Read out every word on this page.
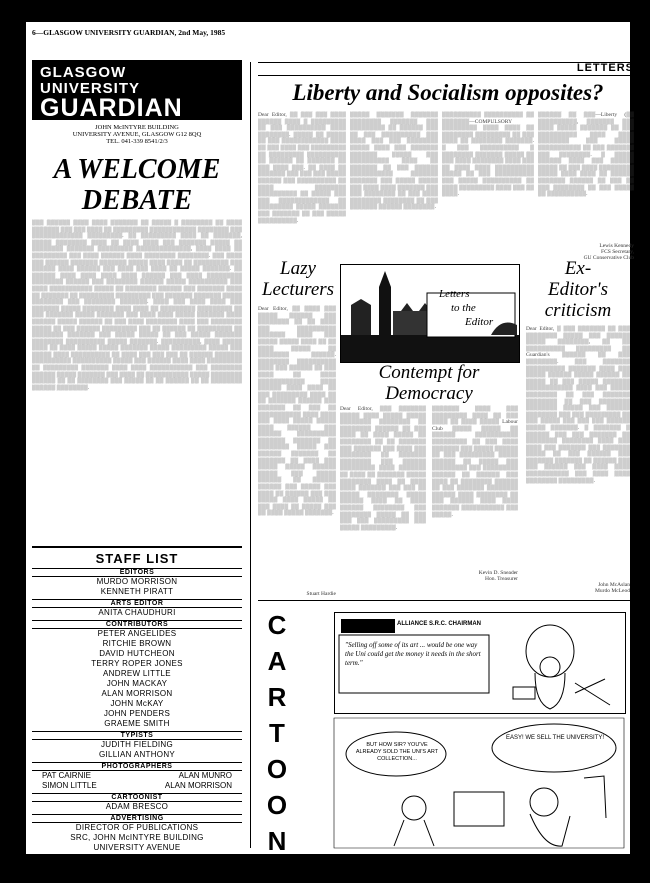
6—GLASGOW UNIVERSITY GUARDIAN, 2nd May, 1985
LETTERS
GLASGOW
UNIVERSITY
GUARDIAN
JOHN McINTYRE BUILDING
UNIVERSITY AVENUE, GLASGOW G12 8QQ
TEL. 041-339 8541/2/3
A WELCOME
DEBATE
▒▒▒ ▒▒▒▒▒▒ ▒▒▒▒ ▒▒▒▒ ▒▒▒▒▒▒▒ ▒▒ ▒▒▒▒▒ ▒ ▒▒▒▒▒▒▒▒ ▒▒ ▒▒▒▒ ▒▒▒▒▒▒▒ ▒▒▒ ▒▒▒ ▒▒▒▒ ▒▒ ▒▒▒▒▒▒▒▒▒ ▒▒▒▒▒▒▒▒▒▒▒▒ ▒▒▒▒▒▒▒▒ ▒▒▒ ▒▒▒▒▒▒▒▒▒▒▒▒▒ ▒▒▒▒▒▒▒▒▒. ▒▒ ▒▒▒▒▒▒▒▒▒ ▒▒▒▒ ▒▒ ▒▒▒▒▒▒▒, ▒▒▒▒▒ ▒▒▒▒▒▒▒▒ ▒▒▒▒ ▒▒ ▒▒▒▒ ▒▒▒▒ ▒▒▒ ▒▒▒▒▒▒▒ ▒▒▒▒▒ ▒▒ ▒▒▒▒▒▒▒▒ ▒▒▒▒▒▒▒ ▒▒▒▒▒▒▒▒▒ ▒▒▒▒▒▒▒▒▒▒▒▒▒▒, ▒▒▒▒ ▒▒▒▒ ▒▒ ▒▒▒▒▒▒▒▒▒ ▒▒▒ ▒▒▒▒ ▒▒▒▒▒▒ ▒▒▒▒ ▒▒▒▒▒▒▒▒ ▒▒▒▒▒▒▒▒. ▒▒▒ ▒▒▒▒ ▒▒▒ ▒▒▒▒▒▒ ▒▒▒▒▒▒▒ ▒▒▒▒▒▒▒ ▒▒▒▒▒ ▒▒▒▒ ▒▒▒▒ ▒▒ ▒▒▒▒▒▒▒▒▒ ▒▒▒ ▒▒▒▒▒▒ ▒▒▒▒ ▒▒▒▒▒▒ ▒▒▒ ▒▒▒▒ ▒▒▒ ▒▒▒▒ ▒▒ ▒▒▒▒▒ ▒▒▒▒▒▒▒. ▒▒ ▒▒▒▒▒▒ ▒▒▒▒ ▒▒▒▒ ▒▒▒▒ ▒▒▒▒ ▒▒▒▒▒▒ ▒▒▒ ▒▒▒▒ ▒▒▒▒▒▒▒▒▒ ▒▒▒▒▒▒▒▒ ▒▒▒▒▒▒ ▒▒▒ ▒▒▒▒▒▒▒▒ ▒▒▒▒▒▒ ▒▒▒▒▒ ▒▒▒▒▒▒▒▒▒▒ ▒▒▒ ▒▒▒▒ ▒▒▒▒▒▒▒▒▒▒▒ ▒▒▒▒▒ ▒▒ ▒▒▒▒▒▒▒▒ ▒▒▒▒▒▒ ▒▒▒ ▒▒▒▒▒▒▒ ▒▒▒▒ ▒▒ ▒▒▒▒▒▒▒ ▒▒ ▒▒▒▒▒▒▒▒▒ ▒▒▒▒▒▒▒▒▒ ▒▒▒ ▒▒▒▒▒▒▒ ▒▒▒▒▒▒▒ ▒▒▒▒▒ ▒▒▒▒▒▒▒▒ ▒▒▒ ▒▒▒▒▒▒▒▒ ▒▒▒▒▒▒▒. ▒▒▒▒ ▒▒▒ ▒▒▒▒ ▒▒▒▒ ▒▒▒ ▒▒▒▒▒▒▒ ▒▒▒▒▒ ▒▒▒▒▒▒▒▒ ▒▒▒▒ ▒▒▒▒ ▒▒ ▒▒▒▒▒▒▒▒▒ ▒▒▒▒▒▒▒▒▒ ▒▒ ▒▒▒ ▒▒▒▒▒▒▒ ▒▒▒▒▒ ▒▒▒▒▒▒▒ ▒▒▒ ▒▒▒▒ ▒▒▒▒ ▒▒▒▒▒ ▒▒▒▒▒▒▒ ▒▒▒▒ ▒▒▒▒▒▒ ▒▒▒▒▒ ▒▒▒▒▒▒ ▒▒ ▒▒▒ ▒▒▒▒ ▒▒▒▒▒▒▒▒ ▒▒▒▒ ▒▒▒ ▒▒▒▒▒▒▒▒ ▒▒▒▒▒ ▒▒ ▒▒▒ ▒▒▒▒▒▒ ▒▒▒▒▒▒▒▒▒ ▒▒▒ ▒▒ ▒▒▒▒▒▒ ▒▒ ▒▒▒▒▒▒▒▒▒ ▒▒ ▒▒▒▒▒▒▒▒ ▒▒▒▒▒▒▒ ▒▒▒ ▒▒▒▒▒ ▒▒▒▒▒ ▒▒ ▒▒▒ ▒▒▒▒▒ ▒▒▒▒▒▒▒ ▒▒▒▒▒▒▒▒ ▒▒▒▒▒▒▒▒▒▒ ▒▒▒▒▒ ▒▒▒▒▒▒▒. ▒▒▒▒▒▒▒▒▒▒, ▒▒▒▒ ▒▒▒▒▒ ▒▒▒▒ ▒▒ ▒▒▒▒ ▒▒▒▒▒ ▒▒▒▒▒ ▒▒▒▒▒▒▒ ▒▒▒▒▒ ▒▒▒▒▒▒▒▒▒ ▒▒▒▒▒ ▒▒▒ ▒▒▒▒▒ ▒▒▒▒ ▒▒▒▒▒▒▒▒▒▒ ▒▒ ▒▒▒▒ ▒▒▒ ▒▒▒ ▒▒▒ ▒▒ ▒▒▒▒▒▒ ▒▒▒▒▒▒▒ ▒▒▒▒▒▒▒▒▒▒ ▒▒▒▒▒▒▒▒▒▒ ▒▒▒▒▒ ▒▒▒ ▒▒▒▒▒▒ ▒▒▒▒ ▒▒▒▒ ▒▒▒▒▒▒▒▒▒ ▒▒ ▒▒▒▒▒▒▒▒▒ ▒▒▒▒▒▒▒ ▒▒▒▒ ▒▒▒▒ ▒▒▒▒▒▒▒▒▒▒▒ ▒▒▒ ▒▒▒▒▒▒▒▒ ▒▒▒▒▒▒ ▒▒▒▒▒ ▒▒▒▒▒▒▒ ▒▒▒ ▒▒▒▒ ▒▒ ▒▒▒▒▒▒▒▒▒▒▒ ▒▒▒▒▒ ▒▒▒▒▒▒▒▒ ▒▒▒▒▒▒ ▒▒ ▒▒ ▒▒▒▒▒▒▒▒ ▒▒▒ ▒▒▒▒▒ ▒▒ ▒▒ ▒▒▒▒▒▒ ▒▒ ▒▒ ▒▒▒▒▒▒▒▒ ▒▒▒▒▒▒ ▒▒▒▒▒▒▒▒.
STAFF LIST
EDITORS
MURDO MORRISON
KENNETH PIRATT
ARTS EDITOR
ANITA CHAUDHURI
CONTRIBUTORS
PETER ANGELIDES
RITCHIE BROWN
DAVID HUTCHEON
TERRY ROPER JONES
ANDREW LITTLE
JOHN MACKAY
ALAN MORRISON
JOHN McKAY
JOHN PENDERS
GRAEME SMITH
TYPISTS
JUDITH FIELDING
GILLIAN ANTHONY
PHOTOGRAPHERS
PAT CAIRNIE	ALAN MUNRO
SIMON LITTLE	ALAN MORRISON
CARTOONIST
ADAM BRESCO
ADVERTISING
DIRECTOR OF PUBLICATIONS
SRC, JOHN McINTYRE BUILDING
UNIVERSITY AVENUE
GLASGOW G12 8QQ
TELEPHONE:
041-339 8541/2/3
Liberty and Socialism opposites?
Dear Editor, ▒▒ ▒▒▒ ▒▒▒ ▒▒▒▒ ▒▒▒▒▒▒ ▒▒▒▒ ▒ ▒▒▒▒▒▒▒▒▒ ▒▒ ▒▒▒ ▒▒▒▒▒▒▒▒▒▒ ▒▒▒▒ ▒▒▒▒▒▒▒▒. ▒▒▒▒▒ ▒▒ ▒▒▒▒▒ ▒▒ ▒▒▒ ▒▒▒▒▒▒▒▒▒▒▒▒ ▒▒▒▒ ▒▒ ▒▒▒ ▒▒▒▒ ▒▒▒ ▒▒▒▒▒▒▒▒▒ ▒▒ ▒▒▒▒▒▒▒▒▒ ▒▒▒▒▒▒▒▒▒▒ ▒▒ ▒▒▒▒▒▒ ▒▒ ▒▒▒▒▒▒▒ ▒▒ ▒▒▒ ▒▒▒▒ ▒▒▒. ▒▒ ▒▒▒▒ ▒▒ ▒▒▒▒▒▒▒ ▒▒▒ ▒▒▒ ▒▒▒ ▒▒▒▒▒ ▒▒▒▒▒▒ ▒▒▒ ▒▒▒▒▒▒▒▒▒▒ ▒▒ ▒▒▒▒ ▒▒▒▒▒▒▒▒ ▒▒▒▒▒▒▒▒▒▒ ▒▒ ▒▒▒▒▒ ▒▒▒ ▒▒▒ ▒▒▒▒▒▒▒▒▒▒▒▒▒ ▒▒ ▒▒▒▒▒▒▒▒▒ ▒▒▒▒▒ ▒▒▒▒▒▒▒ ▒▒▒ ▒▒▒▒▒▒▒ ▒▒ ▒▒▒ ▒▒▒▒▒ ▒▒▒▒▒▒▒▒▒▒.
▒▒▒▒▒ ▒▒▒▒▒▒▒ ▒▒▒▒▒▒▒ ▒▒▒▒▒▒▒▒ ▒▒▒▒▒▒▒ ▒▒▒ ▒▒▒▒▒▒▒▒▒ ▒▒ ▒▒▒▒▒▒ ▒▒▒ ▒▒ ▒▒▒ ▒▒▒▒▒▒▒▒▒▒ ▒▒▒ ▒▒▒▒ ▒▒▒ ▒▒▒ ▒▒▒▒▒▒▒▒ ▒▒▒▒▒ ▒▒▒▒ ▒▒▒ ▒▒▒▒▒▒▒ ▒▒▒▒▒▒▒ ▒▒▒▒▒ ▒▒▒ ▒▒▒▒▒▒▒▒▒▒ ▒▒▒▒ ▒▒ ▒▒▒▒▒▒▒ ▒▒ ▒▒▒ ▒▒▒▒▒▒ ▒▒▒▒▒▒▒▒▒▒▒ ▒▒▒▒▒▒▒ ▒▒▒▒▒▒▒ ▒▒▒ ▒▒▒▒▒ ▒▒▒▒▒ ▒▒▒ ▒▒▒▒ ▒▒▒▒ ▒▒▒▒▒▒▒ ▒▒▒ ▒▒▒ ▒▒▒▒▒▒▒▒ ▒▒ ▒▒▒ ▒▒▒▒ ▒▒▒▒▒▒▒▒ ▒▒▒▒▒▒▒▒ ▒▒ ▒▒▒ ▒▒▒▒▒▒▒ ▒▒▒▒▒▒ ▒▒▒▒▒▒▒▒.
▒▒▒▒▒▒▒▒▒▒ ▒▒▒▒▒▒▒▒▒▒ ▒▒ ▒▒▒▒▒▒▒—COMPULSORY ▒▒▒▒▒▒▒▒▒ ▒▒▒▒ ▒▒▒▒ ▒▒ ▒▒▒▒▒▒▒▒ ▒▒▒▒▒▒▒▒▒ ▒▒ ▒▒▒ ▒▒▒▒ ▒▒ ▒▒▒▒▒▒▒▒ ▒▒▒▒▒▒▒. ▒ ▒▒▒ ▒▒▒▒▒▒▒▒▒▒ ▒ ▒▒▒▒▒▒▒▒ ▒▒▒▒▒▒▒ ▒▒▒▒▒ ▒▒ ▒▒▒ ▒▒▒▒ ▒▒▒▒▒▒▒▒ ▒▒▒▒ ▒▒▒ ▒▒ ▒▒▒▒ ▒▒▒▒ ▒▒▒▒▒▒▒▒▒▒ ▒▒▒▒▒ ▒▒ ▒▒▒ ▒▒▒▒▒▒▒▒▒▒ ▒▒▒ ▒▒▒▒▒ ▒▒▒▒▒▒▒▒▒▒ ▒▒ ▒▒▒▒ ▒▒▒▒▒▒▒▒▒ ▒▒▒▒ ▒▒▒ ▒▒ ▒▒▒▒.
▒▒▒▒▒▒ ▒▒ ▒▒▒—Liberty (▒▒ ▒▒▒▒▒▒▒▒▒▒, ▒▒▒▒▒▒▒ ▒▒▒ ▒▒▒▒ ▒▒▒▒▒ ▒▒▒▒▒▒▒ ▒▒ ▒▒▒ ▒▒▒▒▒▒▒▒▒▒ ▒▒▒▒ ▒▒▒▒ ▒▒▒▒▒▒▒▒ ▒▒▒ ▒▒▒▒▒ ▒▒▒▒▒▒▒▒▒▒▒ ▒▒ ▒▒▒ ▒▒▒▒▒▒▒ ▒▒▒ ▒▒▒▒▒▒▒▒. ▒ ▒▒▒▒▒ ▒▒▒▒▒▒ ▒▒▒▒ ▒▒▒ ▒▒▒▒▒▒ ▒▒▒▒▒ ▒▒ ▒▒▒ ▒▒▒▒ ▒▒▒▒▒▒▒▒▒ ▒▒▒▒▒ ▒▒▒▒ ▒▒▒▒ ▒▒ ▒▒▒▒▒▒ ▒▒▒▒▒▒▒ ▒▒▒▒▒▒ ▒▒ ▒▒▒ ▒▒ ▒▒▒ ▒▒▒▒▒▒▒▒ ▒▒ ▒▒▒ ▒▒▒▒▒ ▒▒ ▒▒▒▒▒▒▒▒▒▒.
Lewis Kennedy
FCS Secretary,
GU Conservative Club
Lazy Lecturers
Dear Editor, ▒▒ ▒▒▒▒ ▒▒▒ ▒▒▒▒▒ ▒▒▒▒▒▒ ▒▒▒ ▒▒▒▒▒▒▒▒ ▒▒ ▒▒ ▒▒▒▒ ▒▒▒ ▒▒▒▒▒▒▒▒▒▒ ▒▒▒▒▒▒▒ ▒▒▒▒ ▒▒▒ ▒▒▒▒▒ ▒▒▒▒▒ ▒▒▒▒ ▒▒ ▒▒ ▒▒▒▒ ▒▒▒▒▒ ▒▒ ▒▒▒▒▒▒▒▒ ▒▒▒▒▒▒. ▒▒▒▒▒▒▒▒ ▒▒▒▒▒▒▒▒▒▒ ▒▒▒▒ ▒▒▒ ▒▒▒▒▒▒ ▒▒ ▒▒▒ ▒▒▒▒ ▒▒ ▒▒▒▒ ▒▒▒▒▒▒▒▒▒▒▒▒ ▒▒▒▒ ▒▒▒▒▒▒ ▒▒▒▒ ▒▒▒▒ ▒▒ ▒▒▒ ▒▒▒▒▒▒▒▒▒ ▒▒▒▒ ▒▒ ▒▒ ▒▒▒▒▒▒▒ ▒▒▒▒▒▒ ▒▒▒ ▒▒▒▒▒▒▒ ▒▒ ▒▒▒ ▒▒ ▒▒▒▒▒▒▒▒▒▒▒ ▒▒▒▒ ▒▒▒▒ ▒▒▒ ▒▒▒▒ ▒▒▒▒▒ ▒▒▒▒▒ ▒▒▒▒ ▒▒▒▒▒▒ ▒▒▒ ▒▒▒▒▒▒ ▒▒▒▒▒▒▒▒▒▒ ▒▒▒▒▒▒▒ ▒▒▒▒▒▒▒ ▒▒ ▒▒▒▒▒▒▒▒ ▒▒▒▒▒ ▒▒▒ ▒▒▒▒▒▒ ▒▒▒▒▒▒▒ ▒▒ ▒▒▒▒▒▒▒ ▒▒ ▒▒▒▒ ▒▒▒ ▒▒▒▒▒ ▒▒▒▒▒ ▒▒▒▒▒▒ ▒▒▒▒▒ ▒▒▒ ▒▒▒▒▒ ▒▒▒▒▒▒ ▒▒ ▒▒▒▒▒▒ ▒▒▒▒▒▒ ▒▒▒ ▒▒▒▒▒ ▒▒▒ ▒▒▒▒ ▒▒ ▒▒▒▒▒▒ ▒▒▒ ▒▒▒ ▒▒▒▒▒ ▒▒▒▒ ▒▒▒▒▒ ▒▒ ▒▒▒ ▒▒▒▒ ▒▒ ▒▒▒▒▒ ▒▒▒ ▒▒ ▒▒▒▒ ▒▒▒▒▒ ▒▒▒▒▒▒▒.
Stuart Hardie
Letters
to the
Editor
Ex-
Editor's
criticism
Dear Editor, ▒ ▒▒▒ ▒▒▒▒▒▒▒ ▒▒ ▒▒▒ ▒▒▒▒▒▒▒▒ ▒▒▒▒▒ ▒▒▒ ▒▒▒▒▒▒ ▒▒▒▒▒ ▒▒▒▒▒▒▒▒, ▒▒ ▒▒ ▒▒▒▒▒▒▒▒▒▒ ▒▒▒▒▒▒▒▒▒ ▒▒ Guardian's ▒▒▒▒▒▒ ▒▒ ▒▒▒ ▒▒▒▒▒▒▒▒. ▒▒▒ ▒▒▒▒▒▒▒ ▒▒▒▒▒▒▒▒▒▒ ▒▒▒▒▒▒▒ ▒▒▒▒ ▒▒▒ ▒▒▒▒▒ ▒▒▒▒▒▒ ▒▒▒▒▒ ▒▒▒▒▒▒ ▒▒ ▒▒▒▒▒ ▒▒ ▒▒▒ ▒▒▒▒▒ ▒▒▒▒▒▒▒ ▒▒▒▒▒▒▒▒▒▒▒▒ ▒▒▒▒ ▒▒▒ ▒▒▒▒▒ ▒▒▒▒▒▒▒▒ ▒▒ ▒▒▒ ▒▒▒▒▒▒▒ ▒▒▒▒▒▒▒▒ ▒▒ ▒▒▒ ▒▒▒▒▒▒▒▒ ▒▒▒▒▒▒▒▒ ▒▒▒▒▒ ▒▒▒ ▒▒▒▒▒▒ ▒▒▒▒▒▒▒▒ ▒▒▒ ▒▒▒ ▒▒▒▒▒▒▒▒▒ ▒▒ ▒▒▒ ▒▒▒▒▒ ▒▒▒ ▒▒▒ ▒▒▒ ▒▒▒▒▒▒ ▒▒▒▒▒ ▒▒▒▒▒▒▒. ▒ ▒▒▒▒▒▒▒ ▒ ▒▒▒▒▒▒ ▒▒▒ ▒▒▒ ▒▒▒▒▒▒▒ ▒▒ ▒▒▒▒▒▒▒▒ ▒▒▒▒▒▒▒▒ ▒▒▒▒ ▒▒▒ ▒▒▒▒ ▒▒▒ ▒▒▒▒▒▒▒ ▒▒▒ ▒▒▒▒▒▒▒ ▒▒▒▒▒ ▒▒ ▒▒▒ ▒▒▒▒▒▒ ▒▒▒ ▒▒▒▒▒▒▒ ▒▒▒▒▒▒▒ ▒▒ ▒▒▒▒▒▒ ▒▒▒ ▒▒▒ ▒▒▒▒▒▒ ▒▒▒ ▒▒▒▒ ▒▒▒▒ ▒▒▒▒▒▒▒▒▒▒▒ ▒▒▒ ▒▒▒▒ ▒▒▒▒ ▒▒▒▒▒▒▒▒ ▒▒▒▒▒▒▒▒▒.
John McAslan
Murdo McLeod
Contempt for
Democracy
Dear Editor, ▒▒▒ ▒▒▒▒▒▒▒ ▒▒▒▒▒ ▒▒▒▒ ▒▒▒▒▒ ▒▒▒▒▒ ▒▒▒▒▒▒▒▒ ▒▒▒▒▒▒▒▒ ▒▒ ▒▒▒▒▒▒▒▒ ▒▒▒▒▒▒ ▒▒ ▒▒▒ ▒▒▒▒ ▒▒ ▒▒▒▒ ▒▒▒▒▒ ▒▒ ▒▒▒▒▒▒▒▒ ▒▒ ▒▒ ▒▒▒▒▒▒▒ ▒▒▒ ▒▒▒▒▒▒▒ ▒▒▒ ▒▒▒▒ ▒▒▒ ▒▒▒▒▒▒▒▒ ▒▒ ▒▒▒▒▒▒▒ ▒▒▒▒▒▒▒▒ ▒▒▒ ▒▒▒▒▒▒ ▒▒▒▒▒▒▒▒▒ ▒▒▒▒ ▒▒▒▒▒▒▒ ▒▒ ▒▒▒▒ ▒▒ ▒▒▒▒▒▒▒ ▒▒▒▒▒ ▒▒▒▒▒▒▒▒ ▒▒▒▒ ▒▒ ▒▒▒▒ ▒▒▒▒ ▒▒▒▒▒▒▒ ▒▒▒ ▒▒▒ ▒▒ ▒▒▒▒▒ ▒▒▒▒▒▒▒▒ ▒▒▒▒▒ ▒▒▒▒▒▒ ▒▒▒▒ ▒▒ ▒▒▒▒ ▒▒▒▒▒▒ ▒▒▒▒▒▒▒▒ ▒▒▒ ▒▒▒▒▒▒▒▒ ▒▒▒▒▒ ▒▒ ▒▒▒ ▒▒▒ ▒▒▒ ▒▒▒▒▒▒▒▒▒ ▒▒▒ ▒▒▒▒▒ ▒▒▒▒▒▒▒▒▒.
▒▒▒▒▒▒▒ ▒▒▒▒ ▒▒▒ ▒▒▒▒▒▒▒▒▒ ▒▒▒▒ ▒▒ ▒▒▒ ▒▒▒▒ ▒▒ ▒▒▒▒ ▒▒▒▒▒ Labour Club ▒▒▒▒▒ ▒▒▒▒▒ ▒▒ ▒▒▒▒▒▒ ▒▒▒▒▒▒▒▒▒▒▒ ▒▒▒▒▒▒▒▒▒ ▒▒ ▒▒▒ ▒▒▒▒ ▒▒▒▒▒▒▒ ▒▒▒ ▒▒▒▒▒ ▒▒▒▒▒▒ ▒▒ ▒▒▒ ▒▒▒▒▒▒▒▒▒ ▒▒▒▒▒ ▒▒▒▒▒▒ ▒▒ ▒▒▒▒▒ ▒▒▒ ▒▒▒▒▒▒▒▒▒ ▒▒▒ ▒▒▒▒▒▒▒▒▒ ▒▒▒▒▒▒ ▒▒ ▒▒▒▒▒▒ ▒▒▒ ▒▒▒▒ ▒▒ ▒▒▒▒▒▒▒▒ ▒▒▒▒▒▒ ▒▒ ▒▒▒ ▒▒▒▒▒▒▒ ▒▒▒▒▒▒▒▒ ▒▒▒▒▒▒ ▒▒▒▒ ▒▒▒▒▒▒▒▒ ▒▒ ▒▒▒ ▒▒▒▒▒▒ ▒▒▒▒ ▒▒▒▒ ▒▒▒▒▒▒▒ ▒▒▒▒▒▒▒▒▒▒▒ ▒▒▒ ▒▒▒▒▒.
Kevin D. Sneader
Hon. Treasurer
C
A
R
T
O
O
N
ALLIANCE S.R.C. CHAIRMAN
"Selling off some of its art ... would be one way the Uni could get the money it needs in the short term."
BUT HOW SIR? YOU'VE ALREADY SOLD THE UNI'S ART COLLECTION...
EASY! WE SELL THE UNIVERSITY!
